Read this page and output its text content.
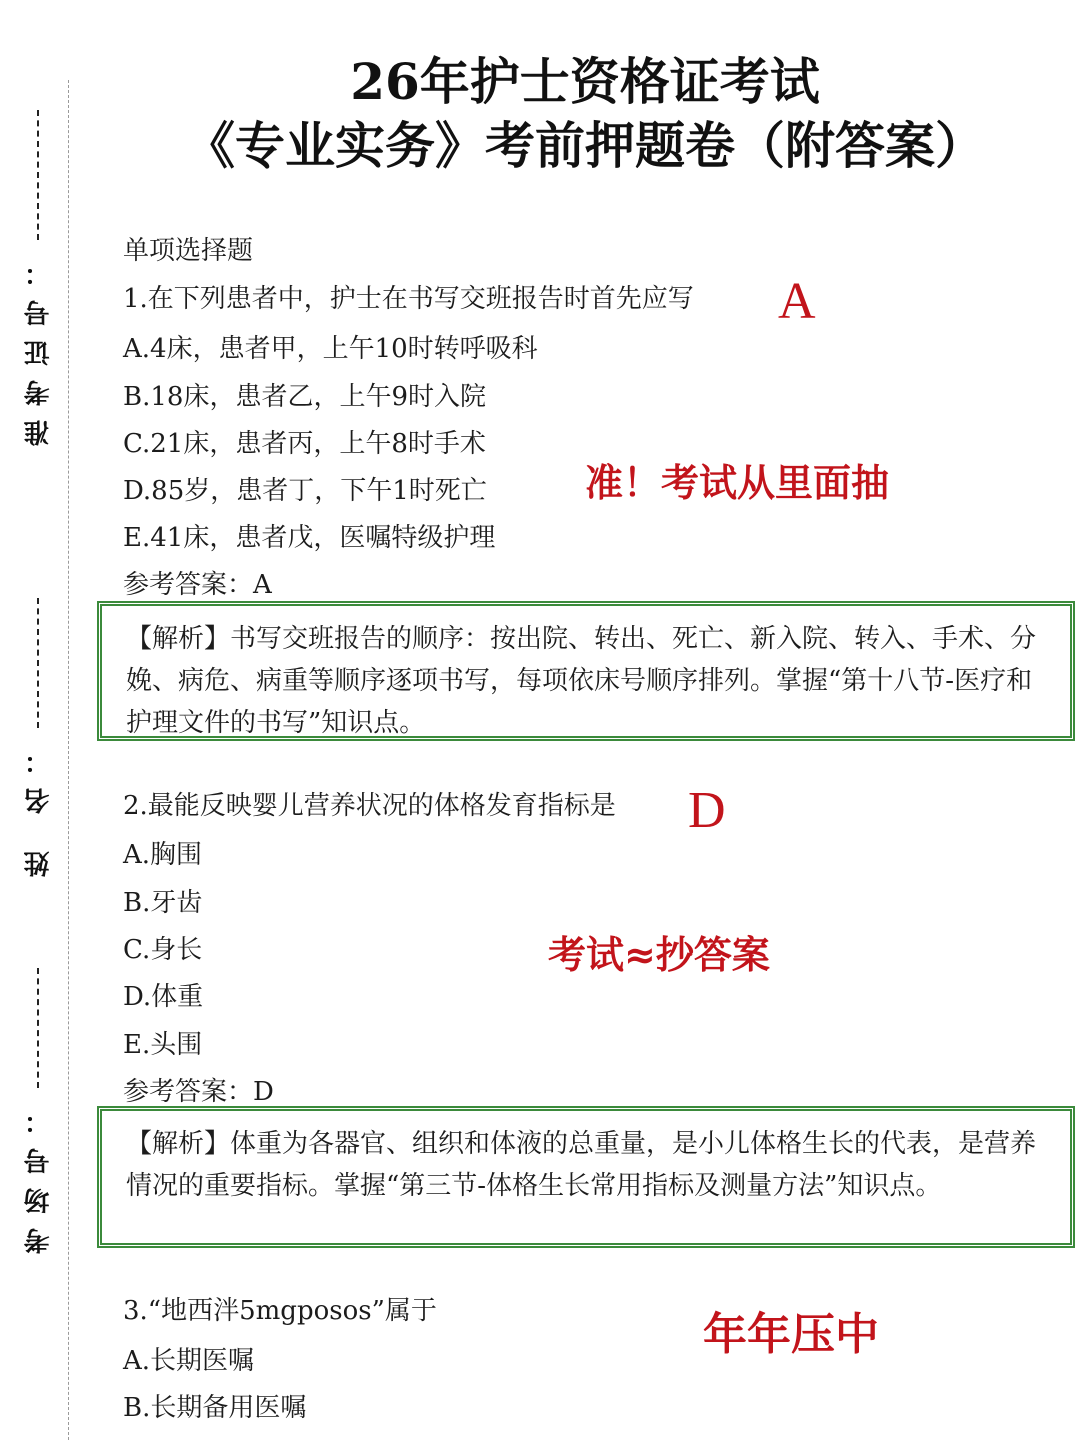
准考证号：
姓 名：
考场号：
26年护士资格证考试
《专业实务》考前押题卷（附答案）
单项选择题
1.在下列患者中，护士在书写交班报告时首先应写 A
A.4床，患者甲，上午10时转呼吸科
B.18床，患者乙，上午9时入院
C.21床，患者丙，上午8时手术
D.85岁，患者丁，下午1时死亡
E.41床，患者戊，医嘱特级护理
参考答案：A
【解析】书写交班报告的顺序：按出院、转出、死亡、新入院、转入、手术、分娩、病危、病重等顺序逐项书写，每项依床号顺序排列。掌握“第十八节-医疗和护理文件的书写”知识点。
准！考试从里面抽
2.最能反映婴儿营养状况的体格发育指标是 D
A.胸围
B.牙齿
C.身长
D.体重
E.头围
参考答案：D
【解析】体重为各器官、组织和体液的总重量，是小儿体格生长的代表，是营养情况的重要指标。掌握“第三节-体格生长常用指标及测量方法”知识点。
考试≈抄答案
3.“地西泮5mgposos”属于
A.长期医嘱
B.长期备用医嘱
年年压中
